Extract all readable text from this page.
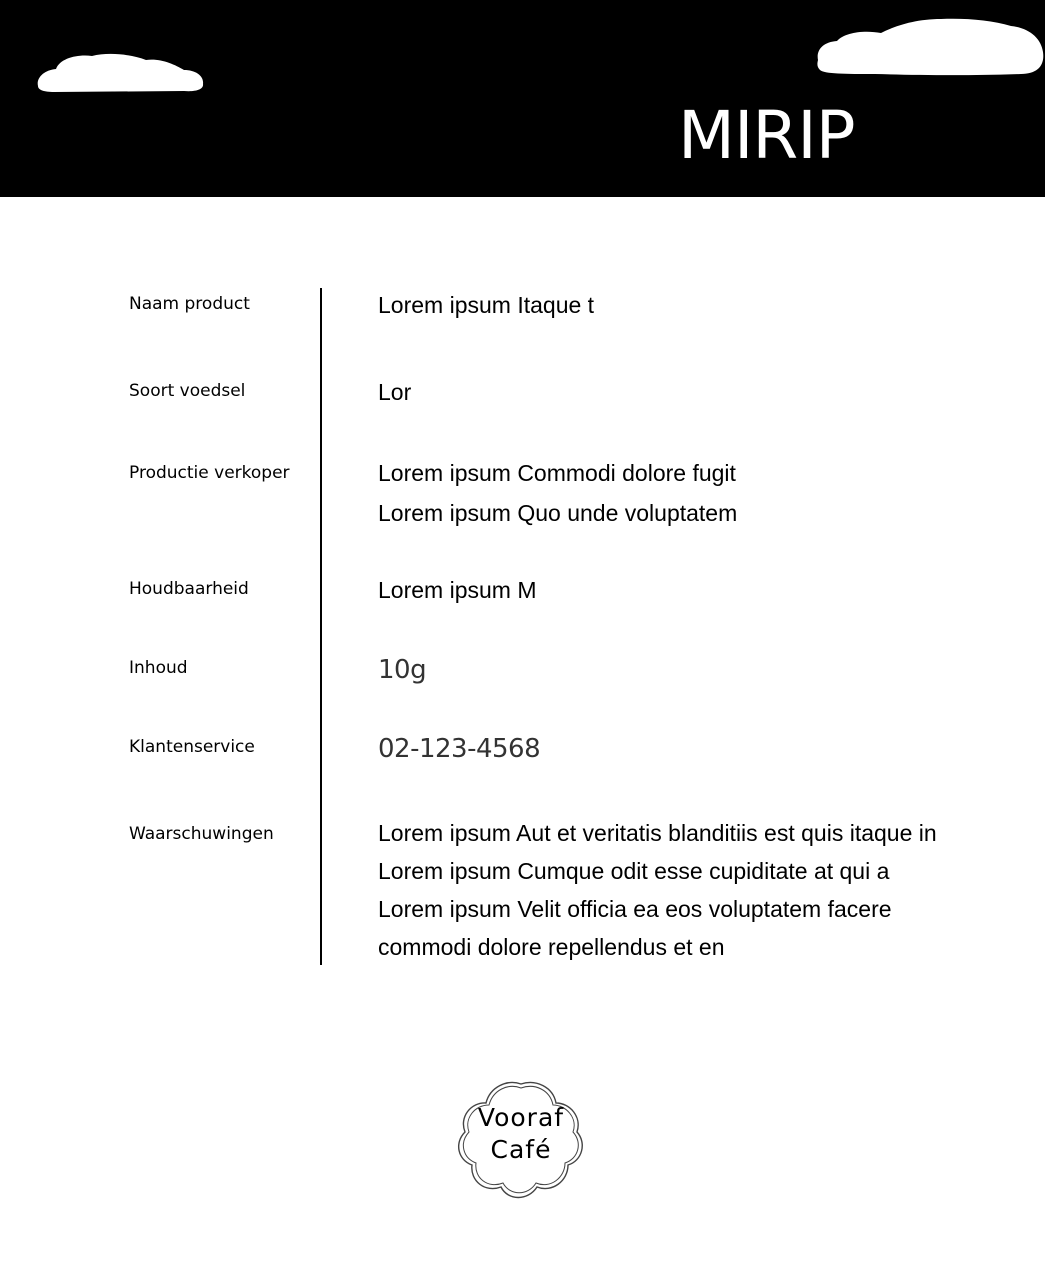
MIRIP
Naam product	Lorem ipsum Itaque t
Soort voedsel	Lor
Productie verkoper	Lorem ipsum Commodi dolore fugit
Lorem ipsum Quo unde voluptatem
Houdbaarheid	Lorem ipsum M
Inhoud	10g
Klantenservice	02-123-4568
Waarschuwingen	Lorem ipsum Aut et veritatis blanditiis est quis itaque in
Lorem ipsum Cumque odit esse cupiditate at qui a
Lorem ipsum Velit officia ea eos voluptatem facere
commodi dolore repellendus et en
Vooraf
Café
